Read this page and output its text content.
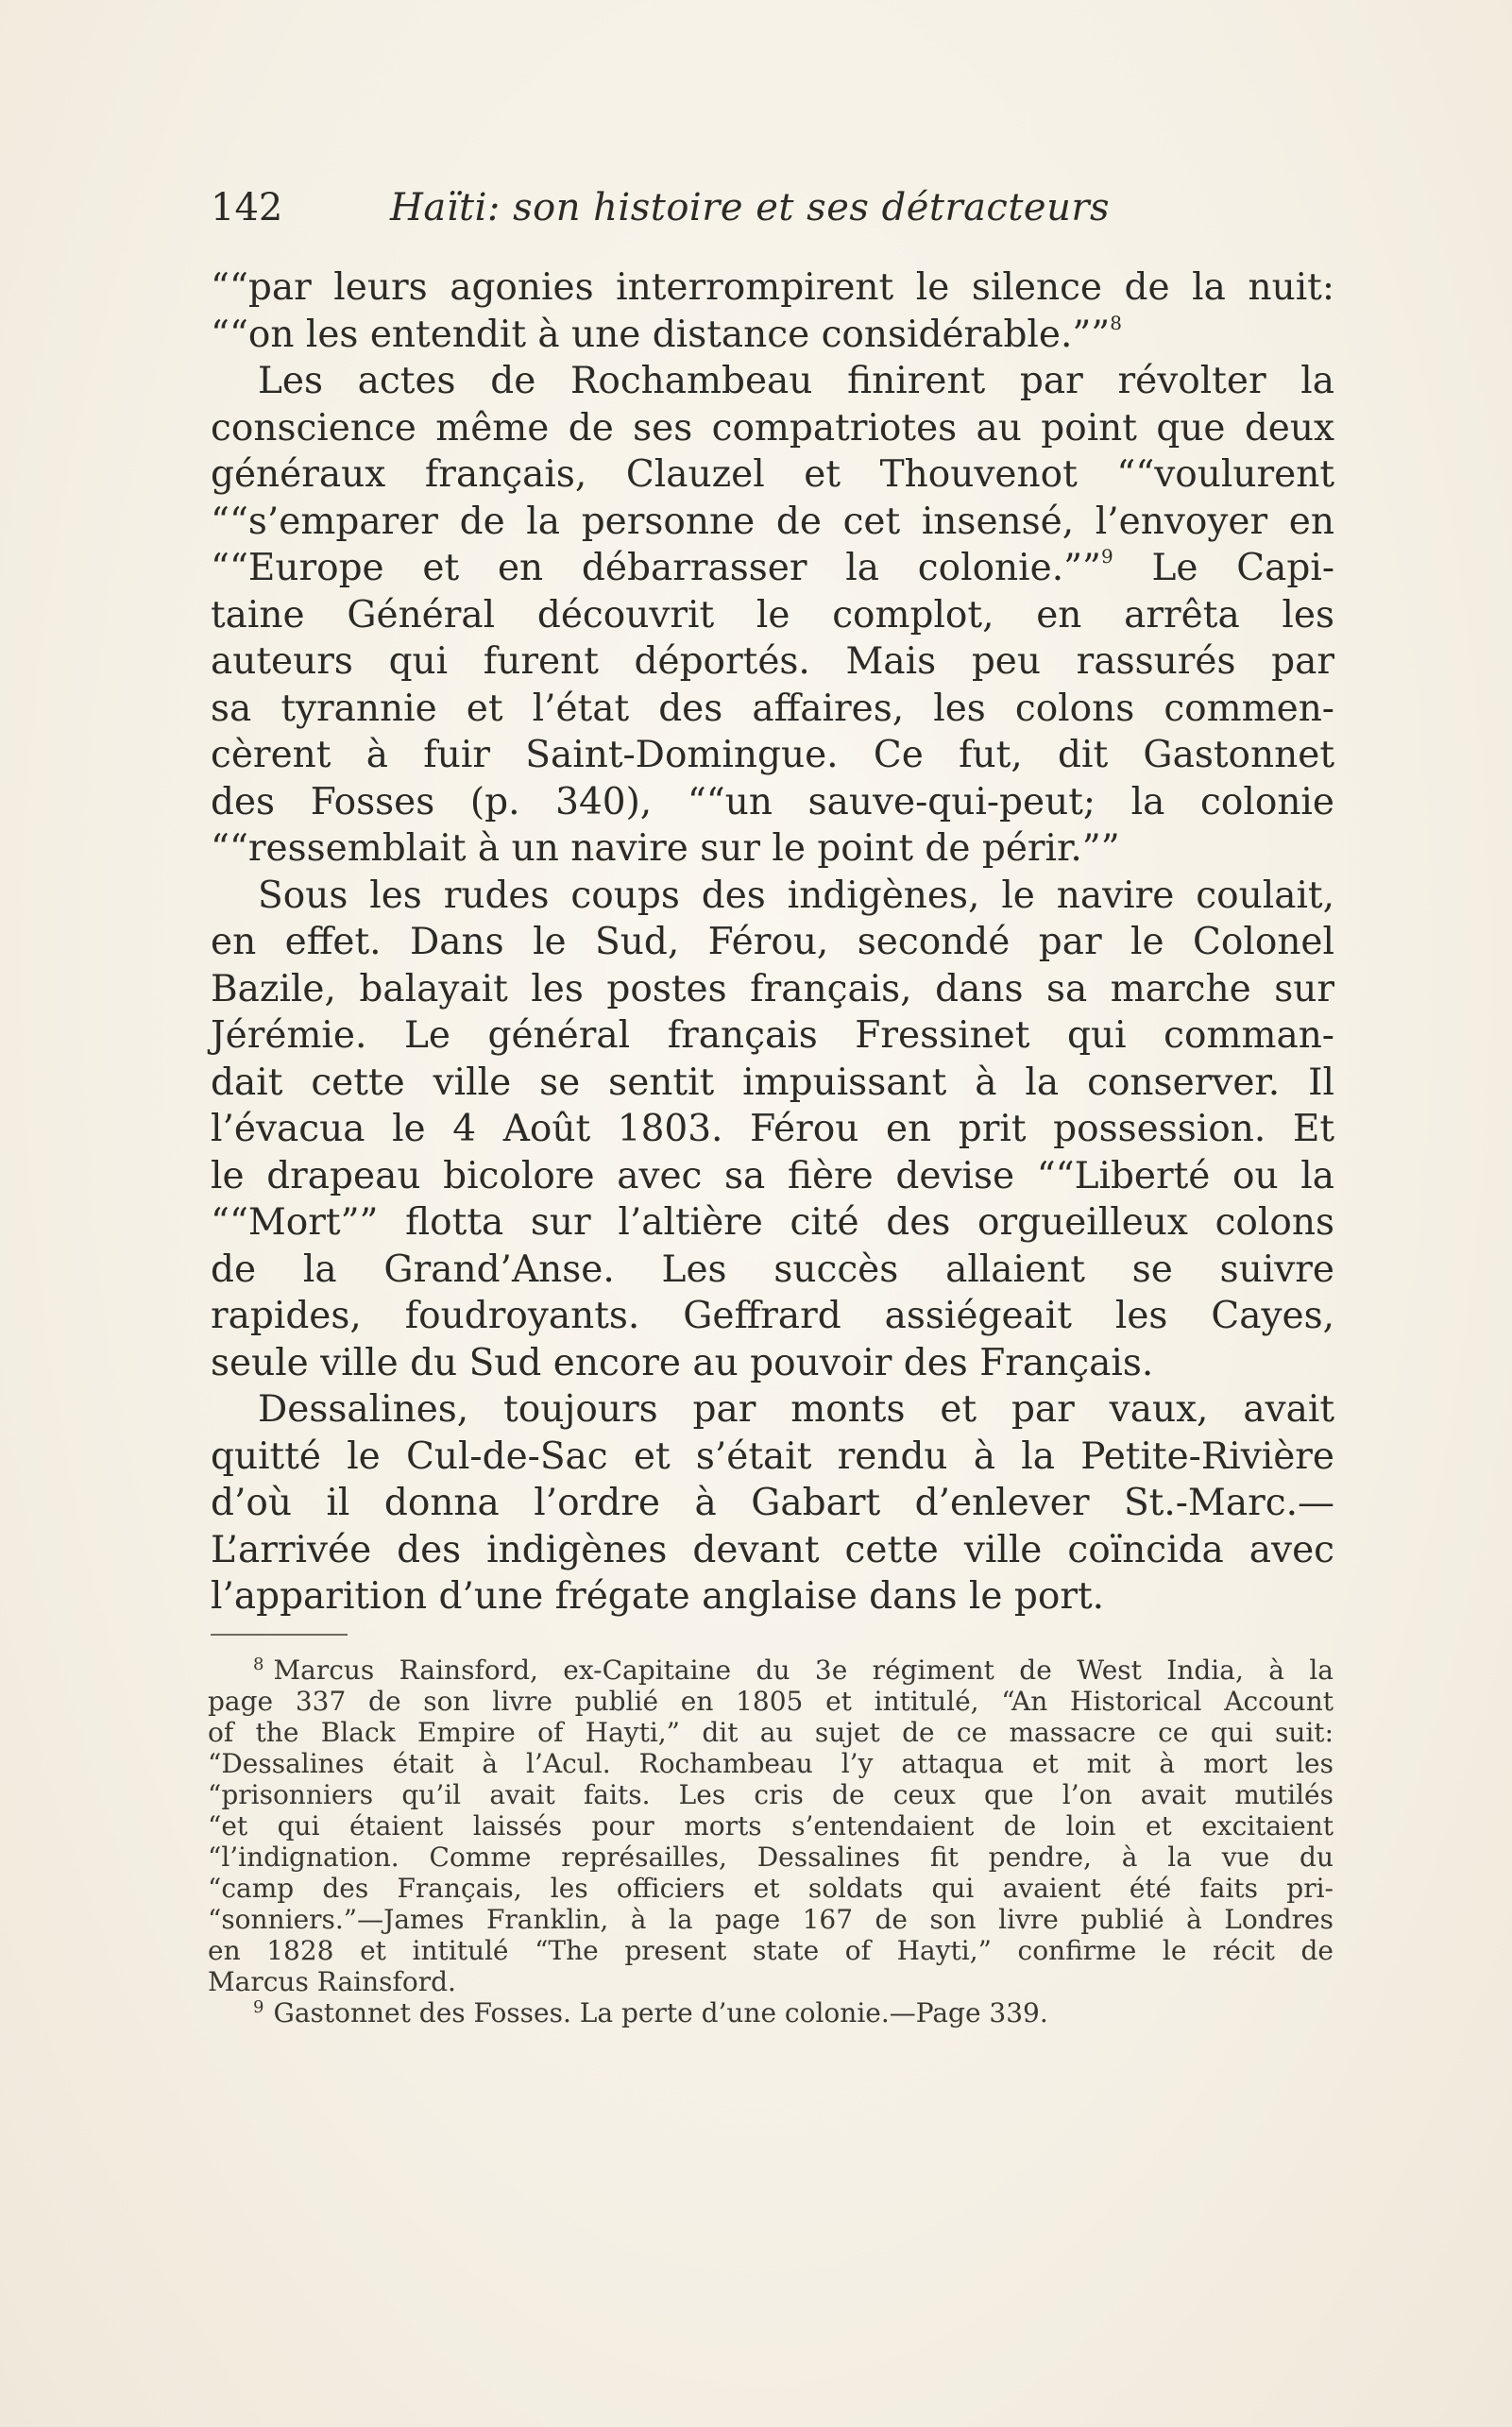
142	Haïti: son histoire et ses détracteurs

““par leurs agonies interrompirent le silence de la nuit:
““on les entendit à une distance considérable.””$^8$

Les actes de Rochambeau finirent par révolter la
conscience même de ses compatriotes au point que deux
généraux français, Clauzel et Thouvenot ““voulurent
““s’emparer de la personne de cet insensé, l’envoyer en
““Europe et en débarrasser la colonie.””$^9$ Le Capi-
taine Général découvrit le complot, en arrêta les
auteurs qui furent déportés. Mais peu rassurés par
sa tyrannie et l’état des affaires, les colons commen-
cèrent à fuir Saint-Domingue. Ce fut, dit Gastonnet
des Fosses (p. 340), ““un sauve-qui-peut; la colonie
““ressemblait à un navire sur le point de périr.””

Sous les rudes coups des indigènes, le navire coulait,
en effet. Dans le Sud, Férou, secondé par le Colonel
Bazile, balayait les postes français, dans sa marche sur
Jérémie. Le général français Fressinet qui comman-
dait cette ville se sentit impuissant à la conserver. Il
l’évacua le 4 Août 1803. Férou en prit possession. Et
le drapeau bicolore avec sa fière devise ““Liberté ou la
““Mort”” flotta sur l’altière cité des orgueilleux colons
de la Grand’Anse. Les succès allaient se suivre
rapides, foudroyants. Geffrard assiégeait les Cayes,
seule ville du Sud encore au pouvoir des Français.

Dessalines, toujours par monts et par vaux, avait
quitté le Cul-de-Sac et s’était rendu à la Petite-Rivière
d’où il donna l’ordre à Gabart d’enlever St.-Marc.—
L’arrivée des indigènes devant cette ville coïncida avec
l’apparition d’une frégate anglaise dans le port.

$^8$ Marcus Rainsford, ex-Capitaine du 3e régiment de West India, à la
page 337 de son livre publié en 1805 et intitulé, “An Historical Account
of the Black Empire of Hayti,” dit au sujet de ce massacre ce qui suit:
“Dessalines était à l’Acul. Rochambeau l’y attaqua et mit à mort les
“prisonniers qu’il avait faits. Les cris de ceux que l’on avait mutilés
“et qui étaient laissés pour morts s’entendaient de loin et excitaient
“l’indignation. Comme représailles, Dessalines fit pendre, à la vue du
“camp des Français, les officiers et soldats qui avaient été faits pri-
“sonniers.”—James Franklin, à la page 167 de son livre publié à Londres
en 1828 et intitulé “The present state of Hayti,” confirme le récit de
Marcus Rainsford.

$^9$ Gastonnet des Fosses. La perte d’une colonie.—Page 339.
